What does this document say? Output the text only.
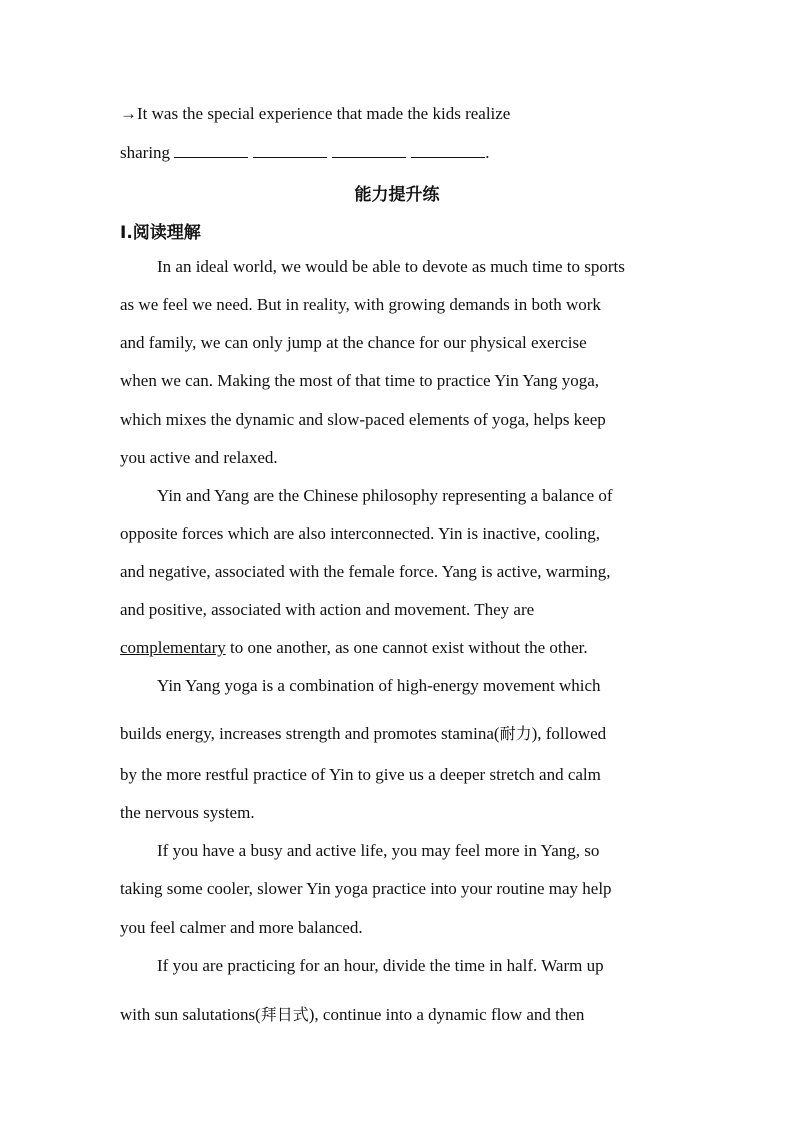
→It was the special experience that made the kids realize
sharing	.
能力提升练
Ⅰ.阅读理解
In an ideal world, we would be able to devote as much time to sports
as we feel we need. But in reality, with growing demands in both work
and family, we can only jump at the chance for our physical exercise
when we can. Making the most of that time to practice Yin Yang yoga,
which mixes the dynamic and slow-paced elements of yoga, helps keep
you active and relaxed.
Yin and Yang are the Chinese philosophy representing a balance of
opposite forces which are also interconnected. Yin is inactive, cooling,
and negative, associated with the female force. Yang is active, warming,
and positive, associated with action and movement. They are
complementary to one another, as one cannot exist without the other.
Yin Yang yoga is a combination of high-energy movement which
builds energy, increases strength and promotes stamina(耐力), followed
by the more restful practice of Yin to give us a deeper stretch and calm
the nervous system.
If you have a busy and active life, you may feel more in Yang, so
taking some cooler, slower Yin yoga practice into your routine may help
you feel calmer and more balanced.
If you are practicing for an hour, divide the time in half. Warm up
with sun salutations(拜日式), continue into a dynamic flow and then
